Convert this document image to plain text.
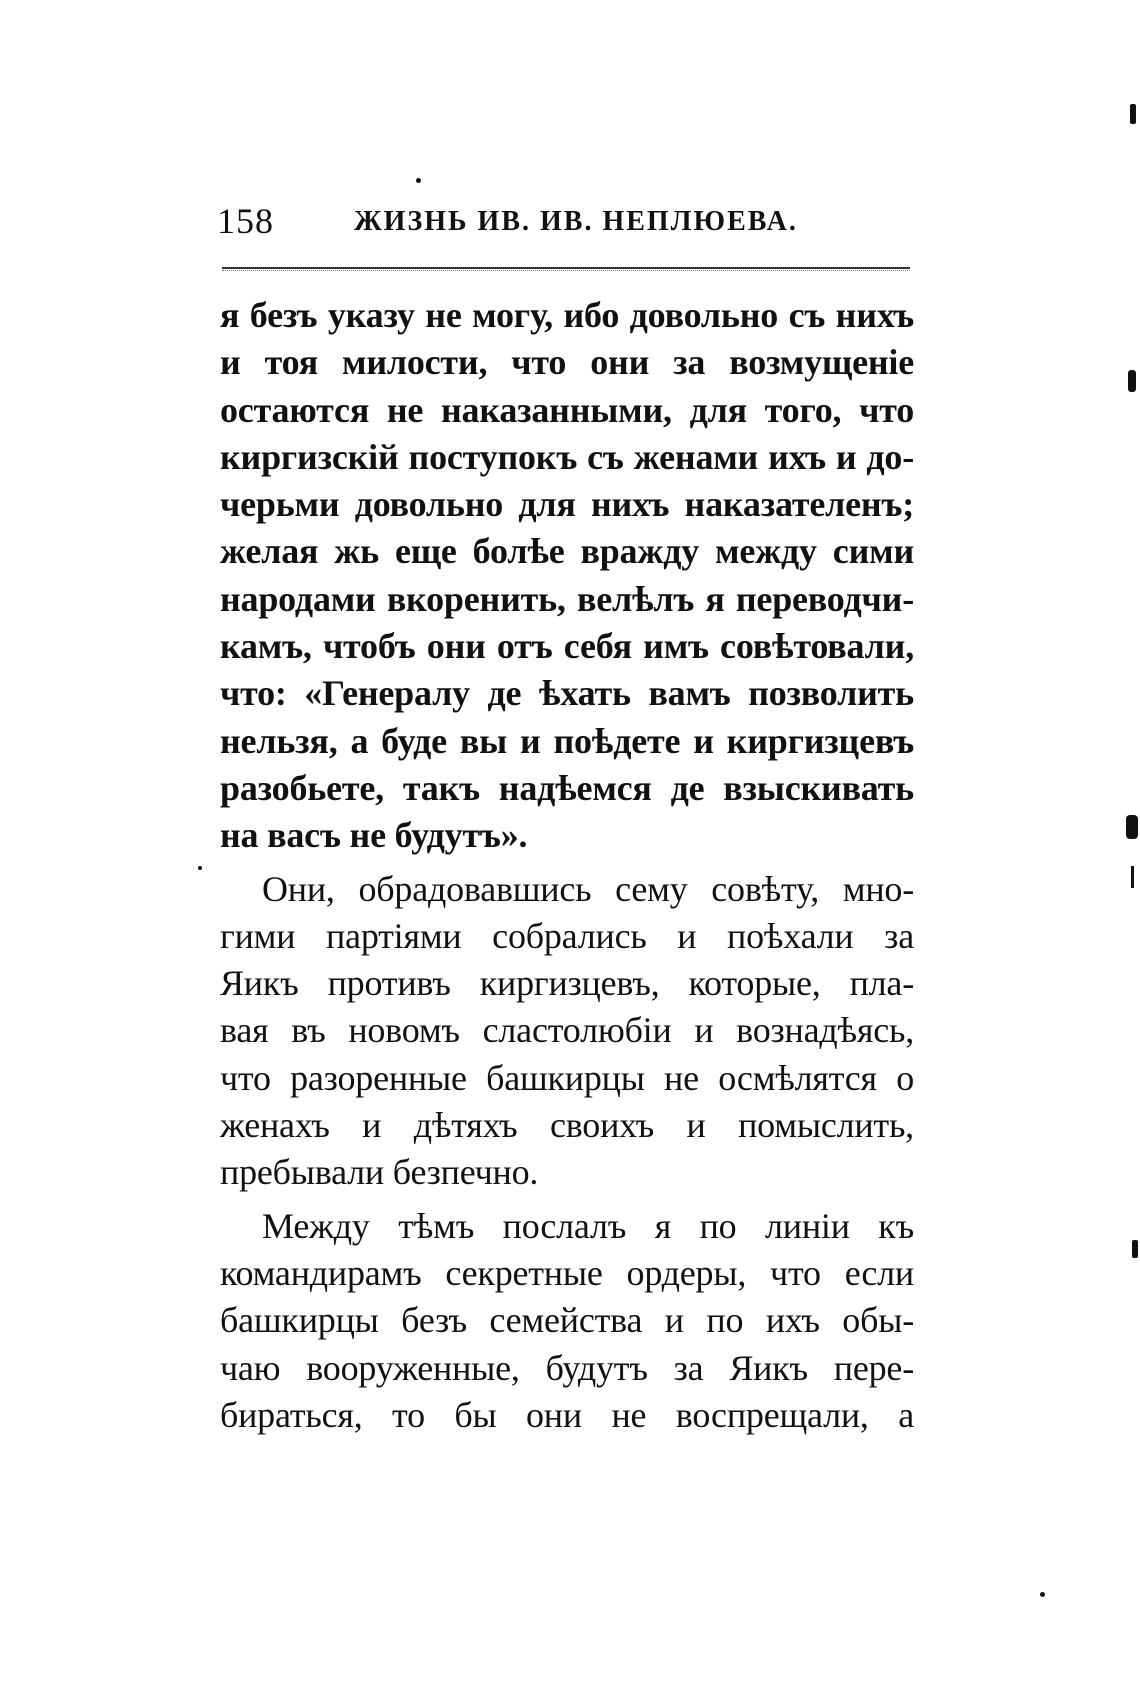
158	ЖИЗНЬ ИВ. ИВ. НЕПЛЮЕВА.
я безъ указу не могу, ибо довольно съ нихъ
и тоя милости, что они за возмущеніе
остаются не наказанными, для того, что
киргизскій поступокъ съ женами ихъ и до-
черьми довольно для нихъ наказателенъ;
желая жь еще болѣе вражду между сими
народами вкоренить, велѣлъ я переводчи-
камъ, чтобъ они отъ себя имъ совѣтовали,
что: «Генералу де ѣхать вамъ позволить
нельзя, а буде вы и поѣдете и киргизцевъ
разобьете, такъ надѣемся де взыскивать
на васъ не будутъ».
Они, обрадовавшись сему совѣту, мно-
гими партіями собрались и поѣхали за
Яикъ противъ киргизцевъ, которые, пла-
вая въ новомъ сластолюбіи и вознадѣясь,
что разоренные башкирцы не осмѣлятся о
женахъ и дѣтяхъ своихъ и помыслить,
пребывали безпечно.
Между тѣмъ послалъ я по линіи къ
командирамъ секретные ордеры, что если
башкирцы безъ семейства и по ихъ обы-
чаю вооруженные, будутъ за Яикъ пере-
бираться, то бы они не воспрещали, а
